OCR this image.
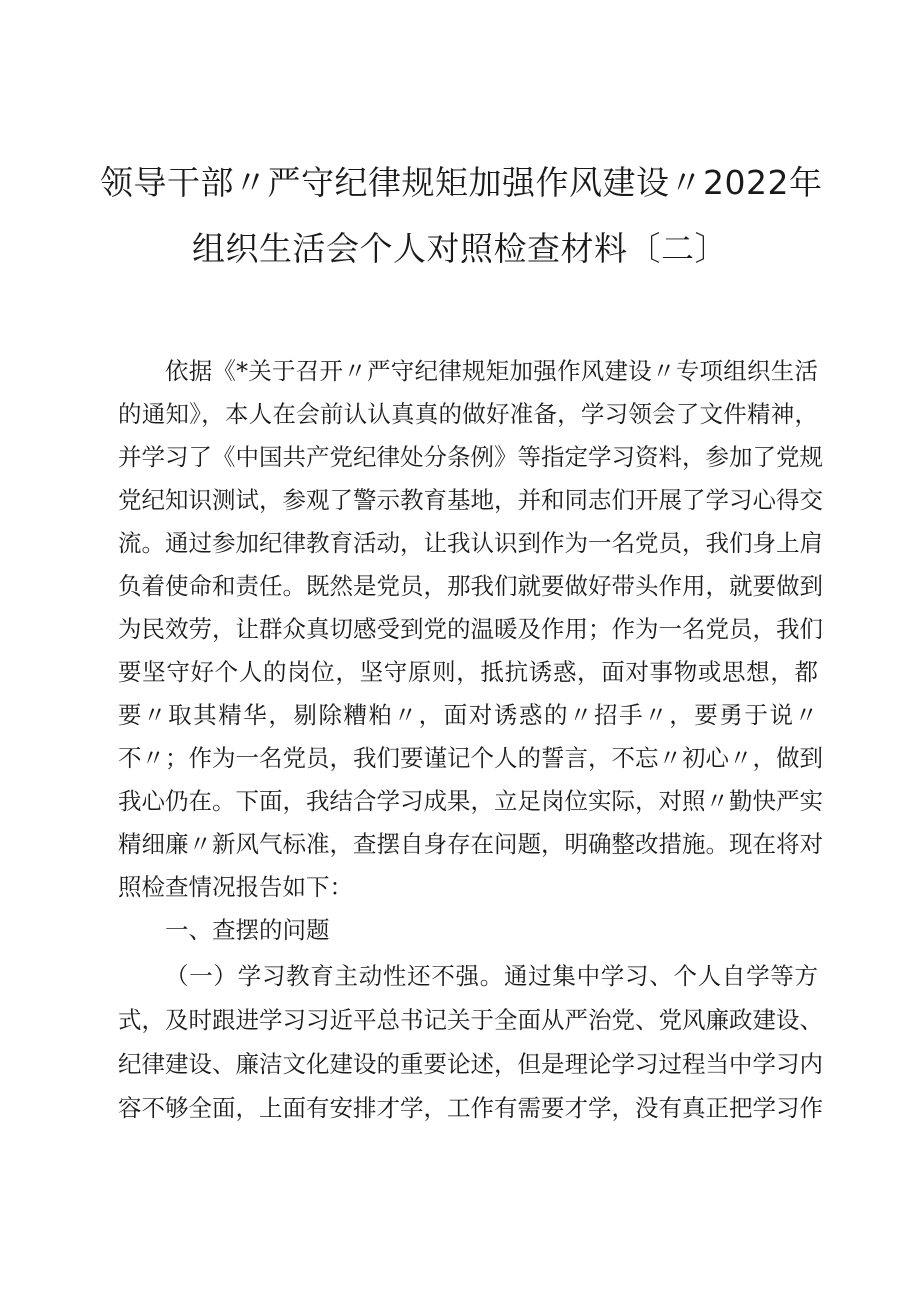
领导干部〃严守纪律规矩加强作风建设〃2022年
组织生活会个人对照检查材料〔二〕
依据《*关于召开〃严守纪律规矩加强作风建设〃专项组织生活
的通知》，本人在会前认认真真的做好准备，学习领会了文件精神，
并学习了《中国共产党纪律处分条例》等指定学习资料，参加了党规
党纪知识测试，参观了警示教育基地，并和同志们开展了学习心得交
流。通过参加纪律教育活动，让我认识到作为一名党员，我们身上肩
负着使命和责任。既然是党员，那我们就要做好带头作用，就要做到
为民效劳，让群众真切感受到党的温暖及作用；作为一名党员，我们
要坚守好个人的岗位，坚守原则，抵抗诱惑，面对事物或思想，都
要〃取其精华，剔除糟粕〃，面对诱惑的〃招手〃，要勇于说〃
不〃；作为一名党员，我们要谨记个人的誓言，不忘〃初心〃，做到
我心仍在。下面，我结合学习成果，立足岗位实际，对照〃勤快严实
精细廉〃新风气标准，查摆自身存在问题，明确整改措施。现在将对
照检查情况报告如下：
一、查摆的问题
（一）学习教育主动性还不强。通过集中学习、个人自学等方
式，及时跟进学习习近平总书记关于全面从严治党、党风廉政建设、
纪律建设、廉洁文化建设的重要论述，但是理论学习过程当中学习内
容不够全面，上面有安排才学，工作有需要才学，没有真正把学习作
